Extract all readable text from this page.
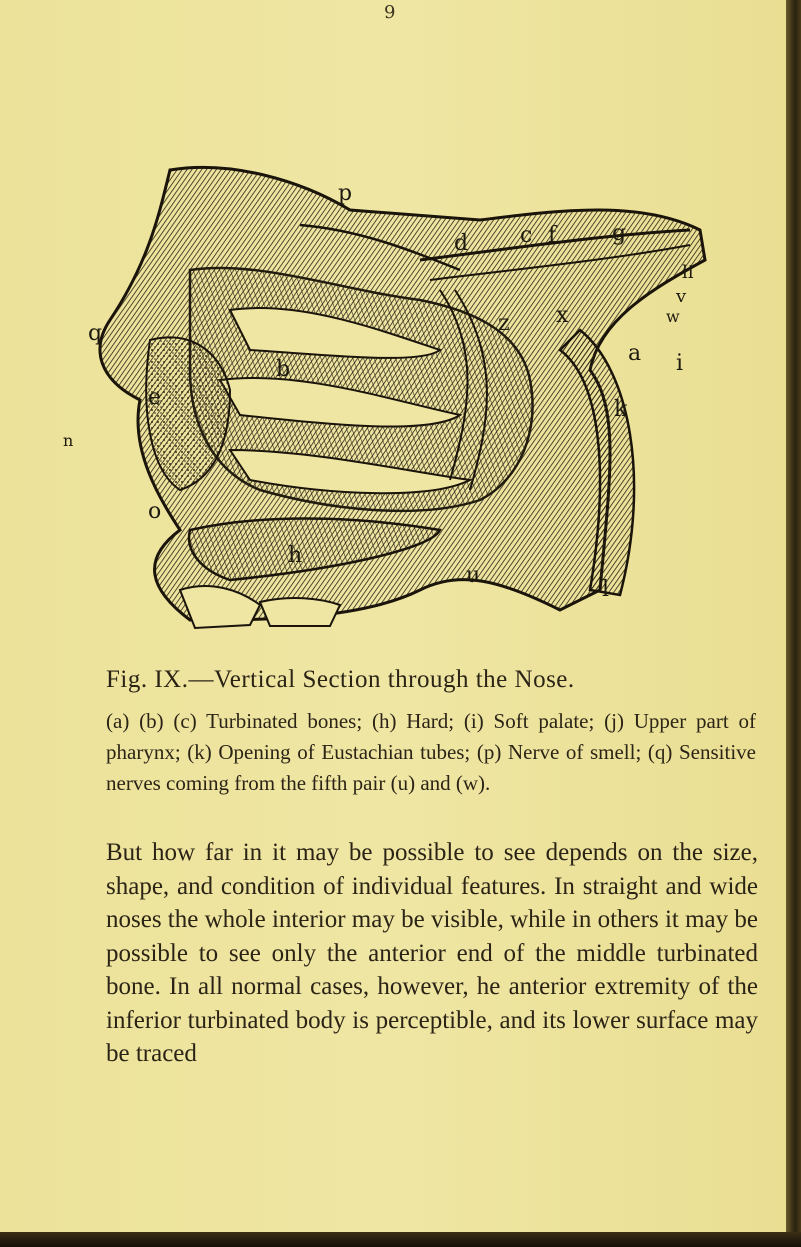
9
p
d c f	g
q
n
e
b
x
z
i
a
k
o
h
u
l
v
w
li
Fig. IX.—Vertical Section through the Nose.
(a) (b) (c) Turbinated bones; (h) Hard; (i) Soft palate; (j) Upper part of pharynx; (k) Opening of Eustachian tubes; (p) Nerve of smell; (q) Sensitive nerves coming from the fifth pair (u) and (w).
But how far in it may be possible to see depends on the size, shape, and condition of individual features. In straight and wide noses the whole interior may be visible, while in others it may be possible to see only the anterior end of the middle turbinated bone. In all normal cases, however, he anterior extremity of the inferior turbinated body is perceptible, and its lower surface may be traced
